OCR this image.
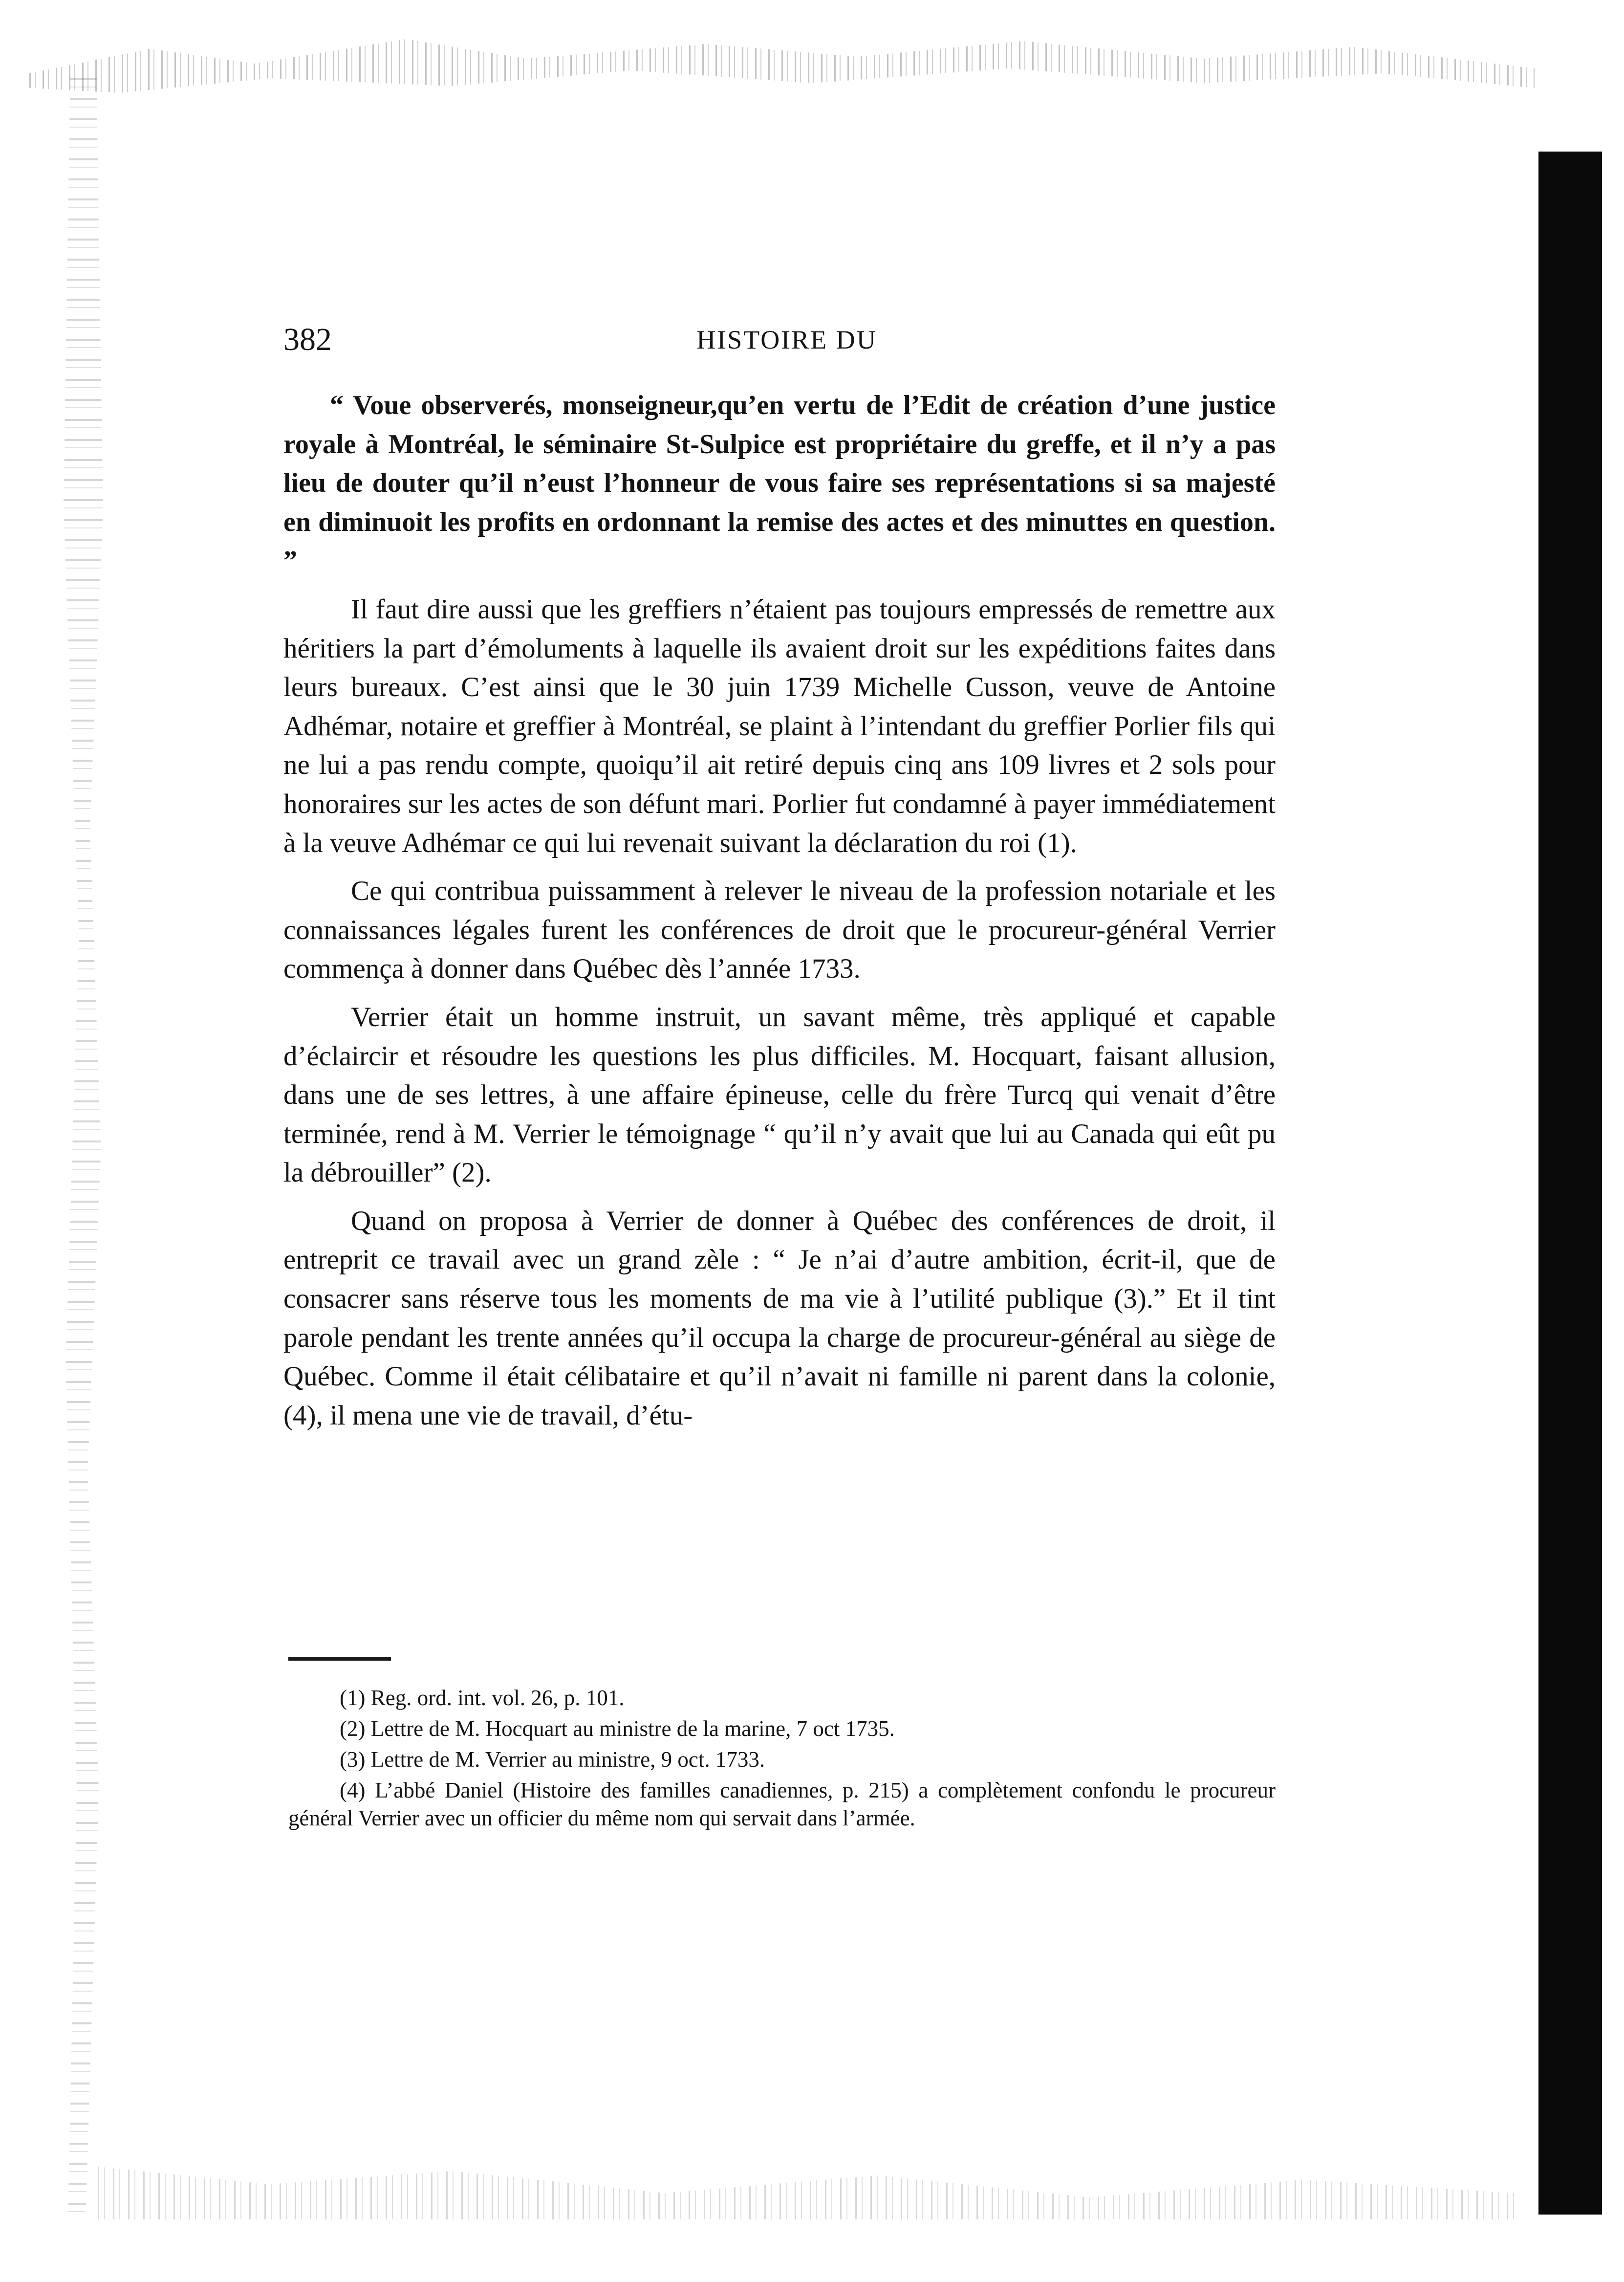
382	HISTOIRE DU

“ Voue observerés, monseigneur,qu’en vertu de l’Edit de création d’une justice royale à Montréal, le séminaire St-Sulpice est propriétaire du greffe, et il n’y a pas lieu de douter qu’il n’eust l’honneur de vous faire ses représentations si sa majesté en diminuoit les profits en ordonnant la remise des actes et des minuttes en question. ”

Il faut dire aussi que les greffiers n’étaient pas toujours empressés de remettre aux héritiers la part d’émoluments à laquelle ils avaient droit sur les expéditions faites dans leurs bureaux. C’est ainsi que le 30 juin 1739 Michelle Cusson, veuve de Antoine Adhémar, notaire et greffier à Montréal, se plaint à l’intendant du greffier Porlier fils qui ne lui a pas rendu compte, quoiqu’il ait retiré depuis cinq ans 109 livres et 2 sols pour honoraires sur les actes de son défunt mari. Porlier fut condamné à payer immédiatement à la veuve Adhémar ce qui lui revenait suivant la déclaration du roi (1).

Ce qui contribua puissamment à relever le niveau de la profession notariale et les connaissances légales furent les conférences de droit que le procureur-général Verrier commença à donner dans Québec dès l’année 1733.

Verrier était un homme instruit, un savant même, très appliqué et capable d’éclaircir et résoudre les questions les plus difficiles. M. Hocquart, faisant allusion, dans une de ses lettres, à une affaire épineuse, celle du frère Turcq qui venait d’être terminée, rend à M. Verrier le témoignage “ qu’il n’y avait que lui au Canada qui eût pu la débrouiller” (2).

Quand on proposa à Verrier de donner à Québec des conférences de droit, il entreprit ce travail avec un grand zèle : “ Je n’ai d’autre ambition, écrit-il, que de consacrer sans réserve tous les moments de ma vie à l’utilité publique (3).” Et il tint parole pendant les trente années qu’il occupa la charge de procureur-général au siège de Québec. Comme il était célibataire et qu’il n’avait ni famille ni parent dans la colonie, (4), il mena une vie de travail, d’étu-

(1) Reg. ord. int. vol. 26, p. 101.

(2) Lettre de M. Hocquart au ministre de la marine, 7 oct 1735.

(3) Lettre de M. Verrier au ministre, 9 oct. 1733.

(4) L’abbé Daniel (Histoire des familles canadiennes, p. 215) a complètement confondu le procureur général Verrier avec un officier du même nom qui servait dans l’armée.
